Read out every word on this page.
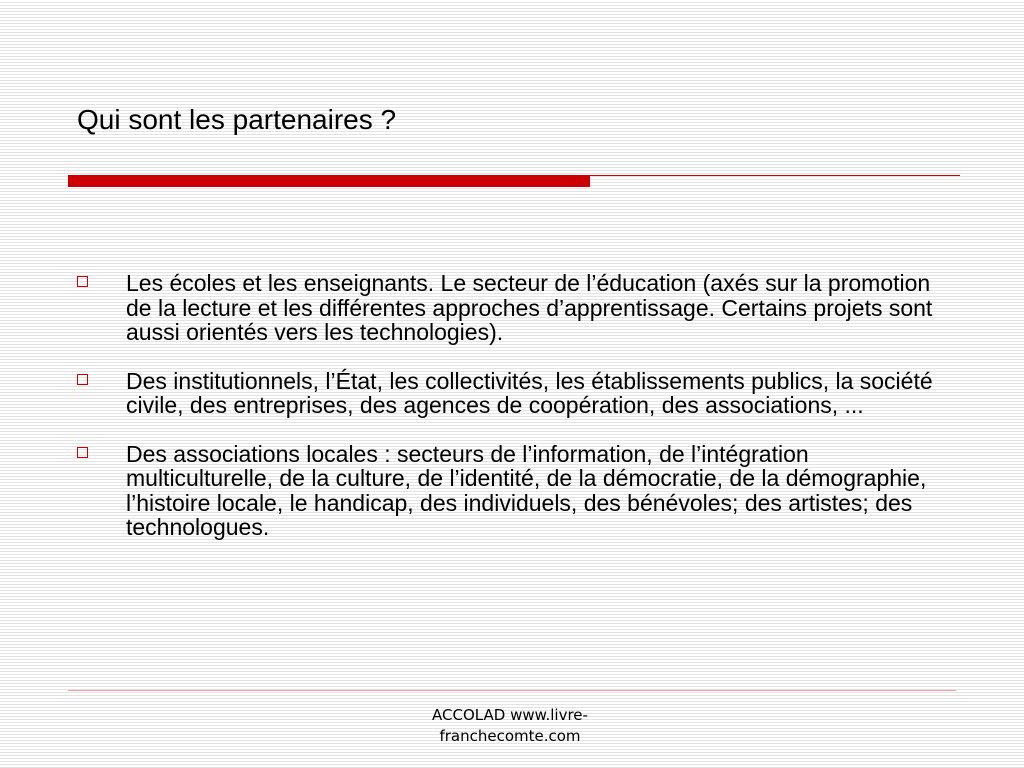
Qui sont les partenaires ?
Les écoles et les enseignants. Le secteur de l’éducation (axés sur la promotion de la lecture et les différentes approches d’apprentissage. Certains projets sont aussi orientés vers les technologies).
Des institutionnels, l’État, les collectivités, les établissements publics, la société civile, des entreprises, des agences de coopération, des associations, ...
Des associations locales : secteurs de l’information, de l’intégration multiculturelle, de la culture, de l’identité, de la démocratie, de la démographie, l’histoire locale, le handicap, des individuels, des bénévoles; des artistes; des technologues.
ACCOLAD www.livre-franchecomte.com
